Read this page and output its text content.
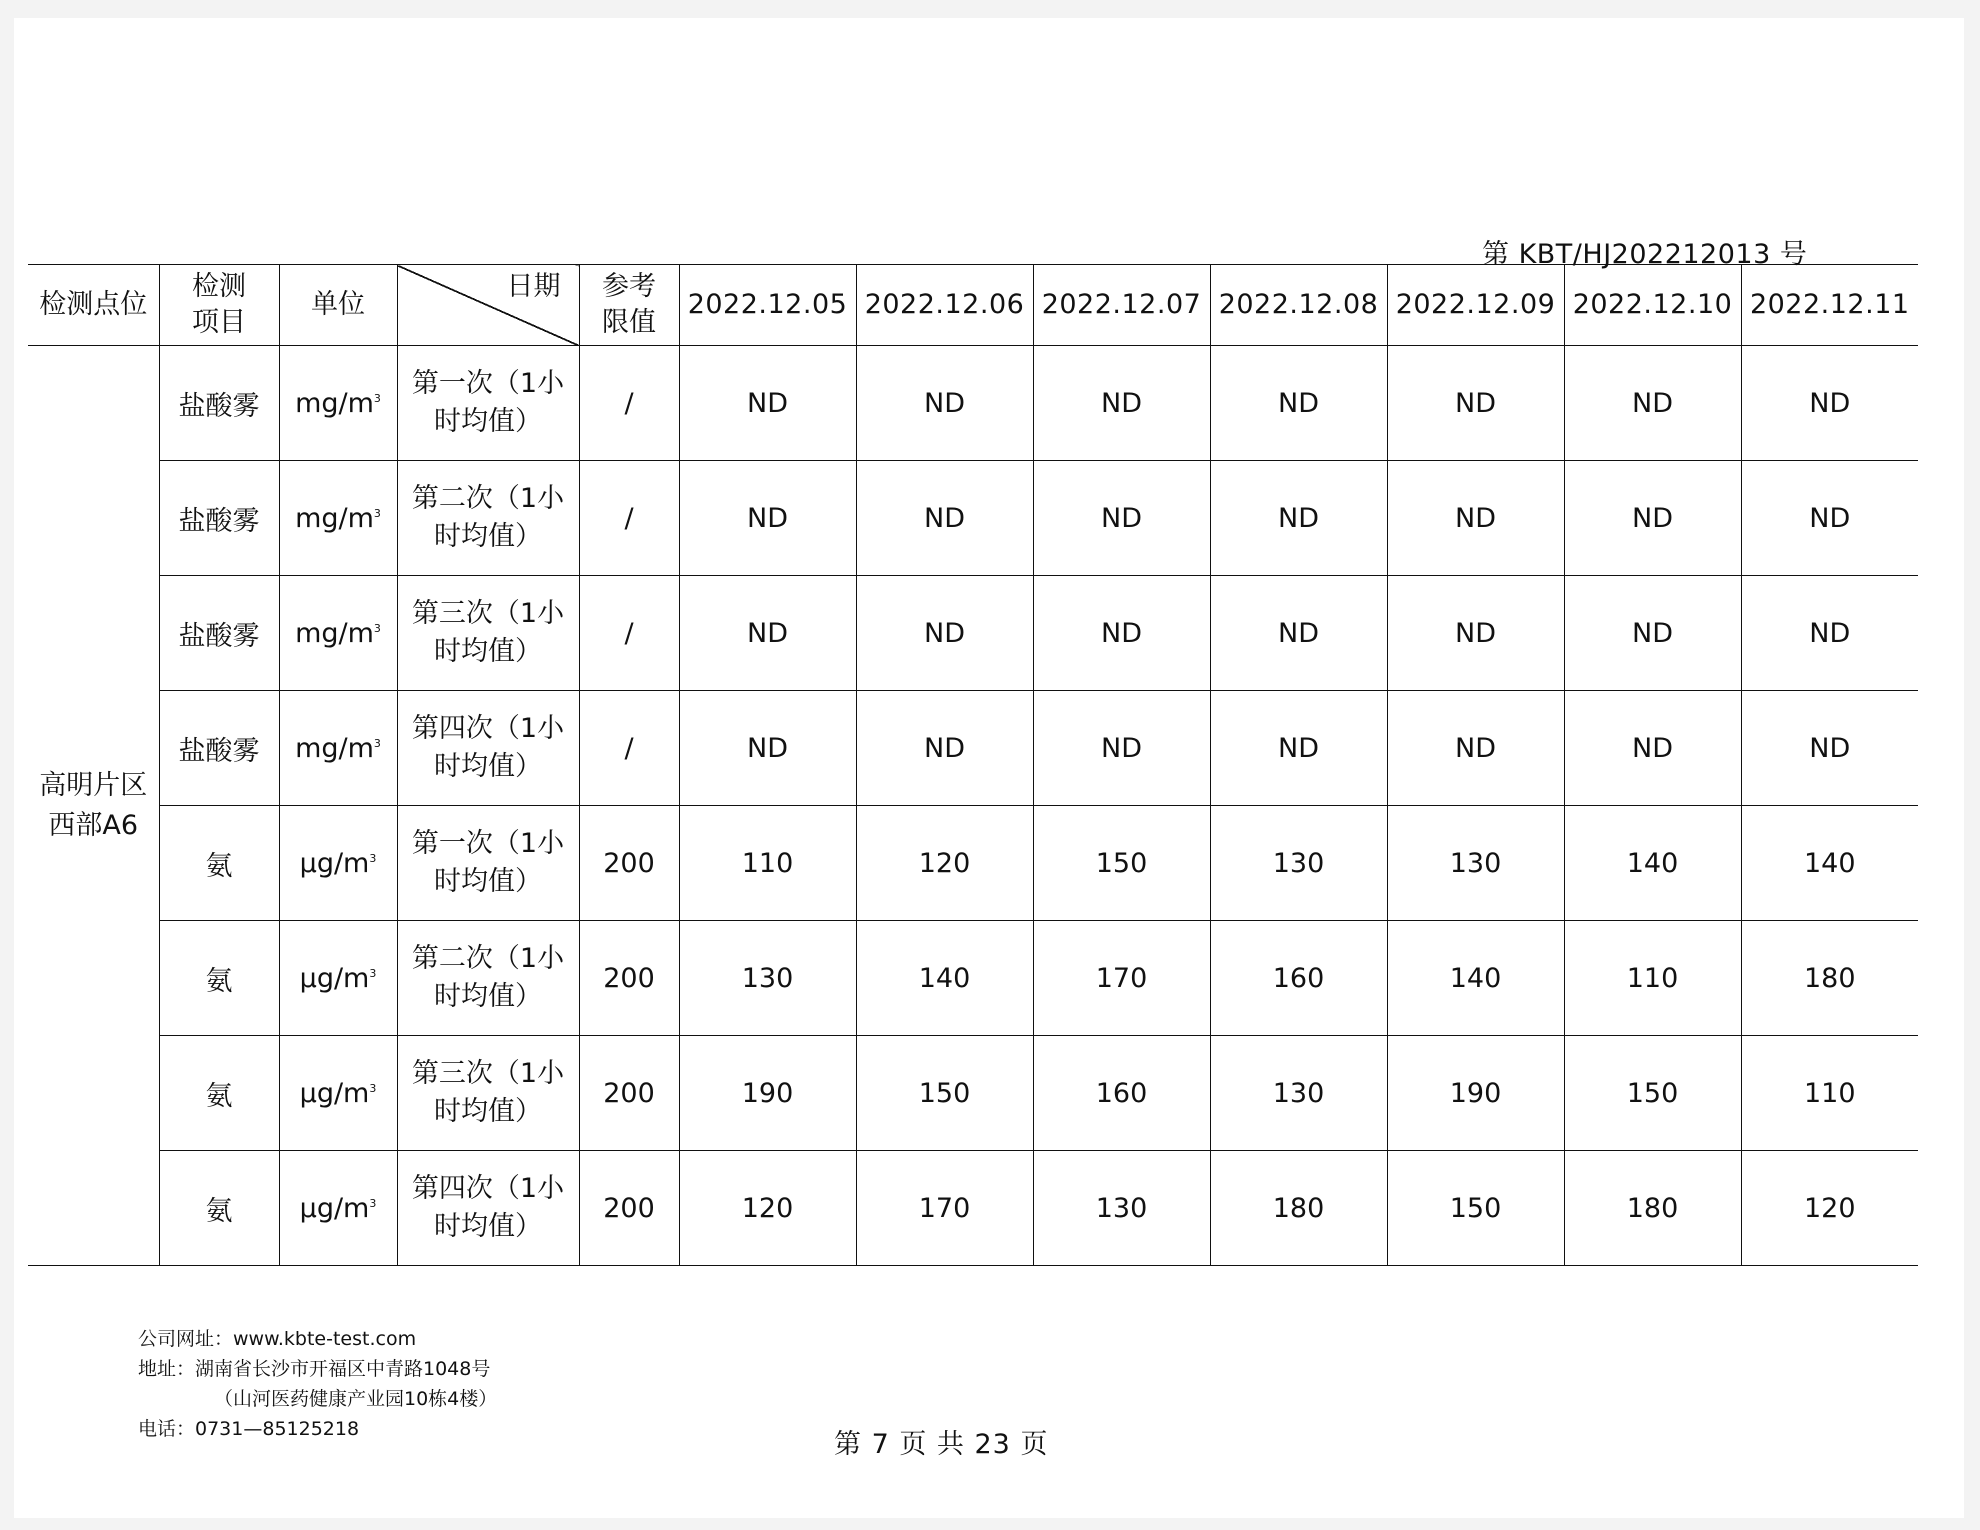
第 KBT/HJ202212013 号
检测点位	检测项目	单位	日期	参考限值	2022.12.05	2022.12.06	2022.12.07	2022.12.08	2022.12.09	2022.12.10	2022.12.11
高明片区西部A6	盐酸雾	$mg/m^3$	第一次（1小时均值）	/	ND	ND	ND	ND	ND	ND	ND
	盐酸雾	$mg/m^3$	第二次（1小时均值）	/	ND	ND	ND	ND	ND	ND	ND
	盐酸雾	$mg/m^3$	第三次（1小时均值）	/	ND	ND	ND	ND	ND	ND	ND
	盐酸雾	$mg/m^3$	第四次（1小时均值）	/	ND	ND	ND	ND	ND	ND	ND
	氨	$\mu g/m^3$	第一次（1小时均值）	200	110	120	150	130	130	140	140
	氨	$\mu g/m^3$	第二次（1小时均值）	200	130	140	170	160	140	110	180
	氨	$\mu g/m^3$	第三次（1小时均值）	200	190	150	160	130	190	150	110
	氨	$\mu g/m^3$	第四次（1小时均值）	200	120	170	130	180	150	180	120
公司网址：www.kbte-test.com
地址：湖南省长沙市开福区中青路1048号
（山河医药健康产业园10栋4楼）
电话：0731—85125218	第 7 页 共 23 页
